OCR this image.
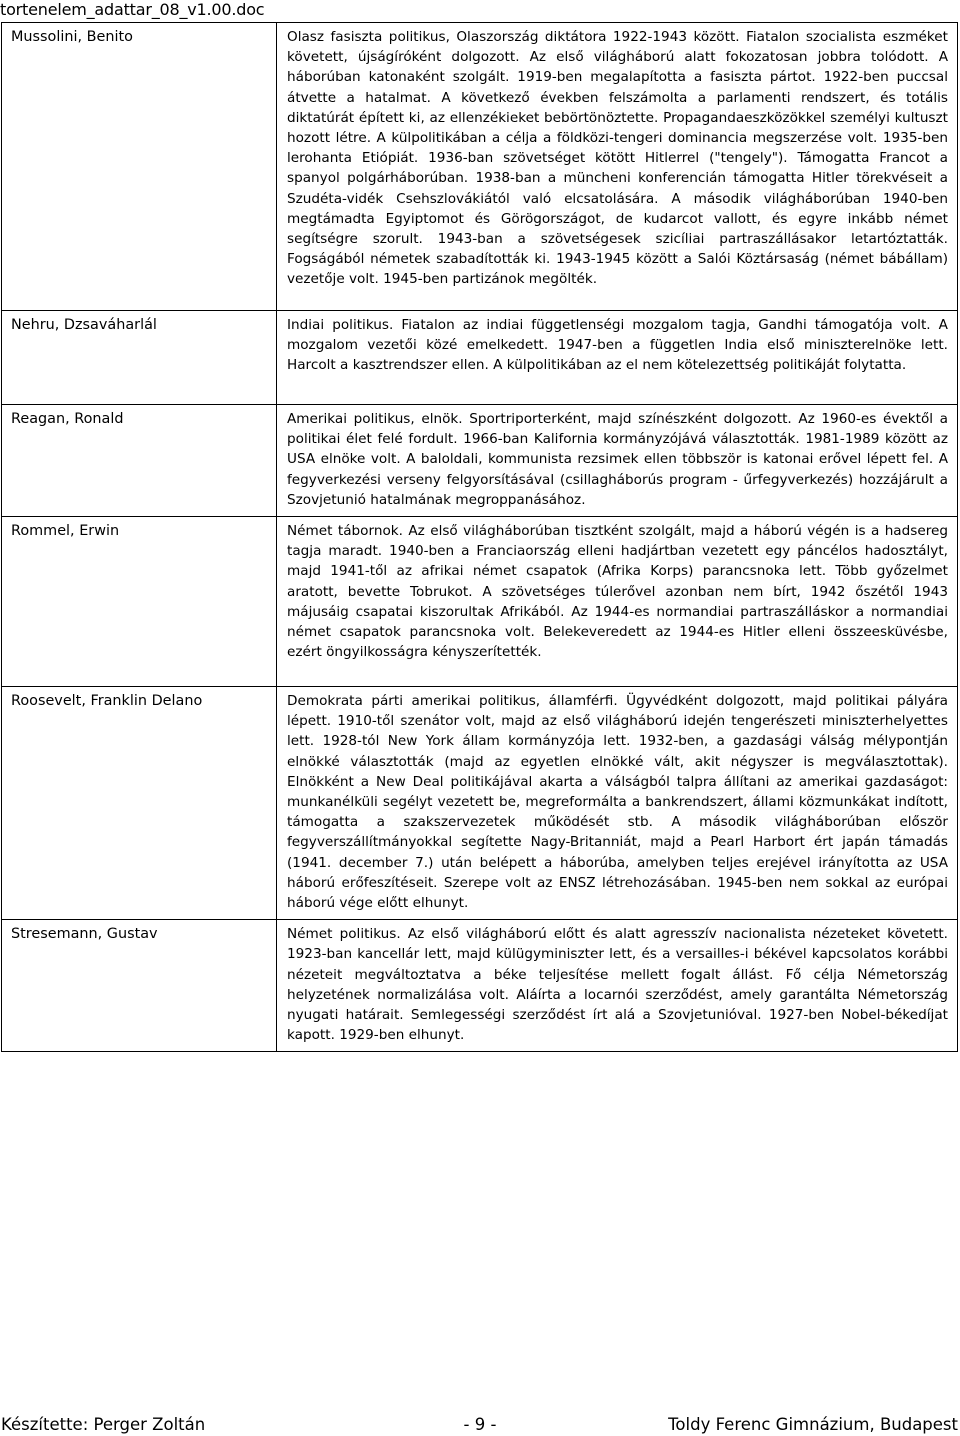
tortenelem_adattar_08_v1.00.doc
Mussolini, Benito	Olasz fasiszta politikus, Olaszország diktátora 1922-1943 között. Fiatalon szocialista eszméket követett, újságíróként dolgozott. Az első világháború alatt fokozatosan jobbra tolódott. A háborúban katonaként szolgált. 1919-ben megalapította a fasiszta pártot. 1922-ben puccsal átvette a hatalmat. A következő években felszámolta a parlamenti rendszert, és totális diktatúrát épített ki, az ellenzékieket bebörtönöztette. Propagandaeszközökkel személyi kultuszt hozott létre. A külpolitikában a célja a földközi-tengeri dominancia megszerzése volt. 1935-ben lerohanta Etiópiát. 1936-ban szövetséget kötött Hitlerrel ("tengely"). Támogatta Francot a spanyol polgárháborúban. 1938-ban a müncheni konferencián támogatta Hitler törekvéseit a Szudéta-vidék Csehszlovákiától való elcsatolására. A második világháborúban 1940-ben megtámadta Egyiptomot és Görögországot, de kudarcot vallott, és egyre inkább német segítségre szorult. 1943-ban a szövetségesek szicíliai partraszállásakor letartóztatták. Fogságából németek szabadították ki. 1943-1945 között a Salói Köztársaság (német bábállam) vezetője volt. 1945-ben partizánok megölték.
Nehru, Dzsaváharlál	Indiai politikus. Fiatalon az indiai függetlenségi mozgalom tagja, Gandhi támogatója volt. A mozgalom vezetői közé emelkedett. 1947-ben a független India első miniszterelnöke lett. Harcolt a kasztrendszer ellen. A külpolitikában az el nem kötelezettség politikáját folytatta.
Reagan, Ronald	Amerikai politikus, elnök. Sportriporterként, majd színészként dolgozott. Az 1960-es évektől a politikai élet felé fordult. 1966-ban Kalifornia kormányzójává választották. 1981-1989 között az USA elnöke volt. A baloldali, kommunista rezsimek ellen többször is katonai erővel lépett fel. A fegyverkezési verseny felgyorsításával (csillagháborús program - űrfegyverkezés) hozzájárult a Szovjetunió hatalmának megroppanásához.
Rommel, Erwin	Német tábornok. Az első világháborúban tisztként szolgált, majd a háború végén is a hadsereg tagja maradt. 1940-ben a Franciaország elleni hadjártban vezetett egy páncélos hadosztályt, majd 1941-től az afrikai német csapatok (Afrika Korps) parancsnoka lett. Több győzelmet aratott, bevette Tobrukot. A szövetséges túlerővel azonban nem bírt, 1942 őszétől 1943 májusáig csapatai kiszorultak Afrikából. Az 1944-es normandiai partraszálláskor a normandiai német csapatok parancsnoka volt. Belekeveredett az 1944-es Hitler elleni összeesküvésbe, ezért öngyilkosságra kényszerítették.
Roosevelt, Franklin Delano	Demokrata párti amerikai politikus, államférfi. Ügyvédként dolgozott, majd politikai pályára lépett. 1910-től szenátor volt, majd az első világháború idején tengerészeti miniszterhelyettes lett. 1928-tól New York állam kormányzója lett. 1932-ben, a gazdasági válság mélypontján elnökké választották (majd az egyetlen elnökké vált, akit négyszer is megválasztottak). Elnökként a New Deal politikájával akarta a válságból talpra állítani az amerikai gazdaságot: munkanélküli segélyt vezetett be, megreformálta a bankrendszert, állami közmunkákat indított, támogatta a szakszervezetek működését stb. A második világháborúban először fegyverszállítmányokkal segítette Nagy-Britanniát, majd a Pearl Harbort ért japán támadás (1941. december 7.) után belépett a háborúba, amelyben teljes erejével irányította az USA háború erőfeszítéseit. Szerepe volt az ENSZ létrehozásában. 1945-ben nem sokkal az európai háború vége előtt elhunyt.
Stresemann, Gustav	Német politikus. Az első világháború előtt és alatt agresszív nacionalista nézeteket követett. 1923-ban kancellár lett, majd külügyminiszter lett, és a versailles-i békével kapcsolatos korábbi nézeteit megváltoztatva a béke teljesítése mellett fogalt állást. Fő célja Németország helyzetének normalizálása volt. Aláírta a locarnói szerződést, amely garantálta Németország nyugati határait. Semlegességi szerződést írt alá a Szovjetunióval. 1927-ben Nobel-békedíjat kapott. 1929-ben elhunyt.
- 9 -
Készítette: Perger Zoltán	Toldy Ferenc Gimnázium, Budapest
